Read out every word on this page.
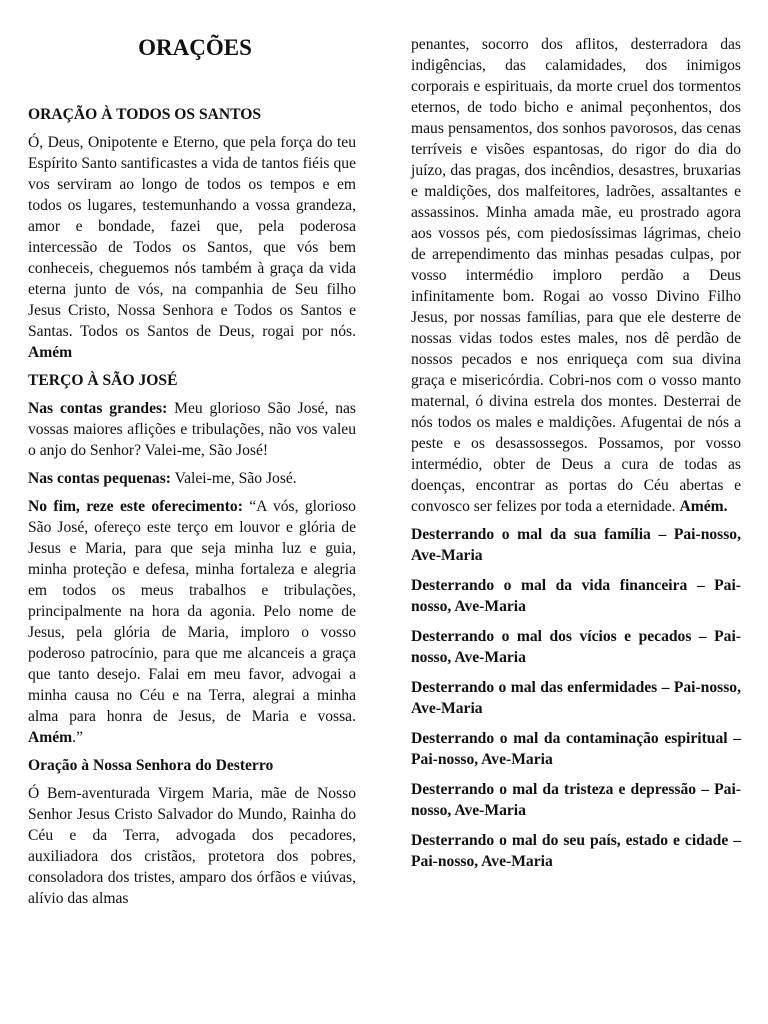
ORAÇÕES
ORAÇÃO À TODOS OS SANTOS

Ó, Deus, Onipotente e Eterno, que pela força do teu Espírito Santo santificastes a vida de tantos fiéis que vos serviram ao longo de todos os tempos e em todos os lugares, testemunhando a vossa grandeza, amor e bondade, fazei que, pela poderosa intercessão de Todos os Santos, que vós bem conheceis, cheguemos nós também à graça da vida eterna junto de vós, na companhia de Seu filho Jesus Cristo, Nossa Senhora e Todos os Santos e Santas. Todos os Santos de Deus, rogai por nós. Amém

TERÇO À SÃO JOSÉ

Nas contas grandes: Meu glorioso São José, nas vossas maiores aflições e tribulações, não vos valeu o anjo do Senhor? Valei-me, São José!

Nas contas pequenas: Valei-me, São José.

No fim, reze este oferecimento: “A vós, glorioso São José, ofereço este terço em louvor e glória de Jesus e Maria, para que seja minha luz e guia, minha proteção e defesa, minha fortaleza e alegria em todos os meus trabalhos e tribulações, principalmente na hora da agonia. Pelo nome de Jesus, pela glória de Maria, imploro o vosso poderoso patrocínio, para que me alcanceis a graça que tanto desejo. Falai em meu favor, advogai a minha causa no Céu e na Terra, alegrai a minha alma para honra de Jesus, de Maria e vossa. Amém.”

Oração à Nossa Senhora do Desterro

Ó Bem-aventurada Virgem Maria, mãe de Nosso Senhor Jesus Cristo Salvador do Mundo, Rainha do Céu e da Terra, advogada dos pecadores, auxiliadora dos cristãos, protetora dos pobres, consoladora dos tristes, amparo dos órfãos e viúvas, alívio das almas

penantes, socorro dos aflitos, desterradora das indigências, das calamidades, dos inimigos corporais e espirituais, da morte cruel dos tormentos eternos, de todo bicho e animal peçonhentos, dos maus pensamentos, dos sonhos pavorosos, das cenas terríveis e visões espantosas, do rigor do dia do juízo, das pragas, dos incêndios, desastres, bruxarias e maldições, dos malfeitores, ladrões, assaltantes e assassinos. Minha amada mãe, eu prostrado agora aos vossos pés, com piedosíssimas lágrimas, cheio de arrependimento das minhas pesadas culpas, por vosso intermédio imploro perdão a Deus infinitamente bom. Rogai ao vosso Divino Filho Jesus, por nossas famílias, para que ele desterre de nossas vidas todos estes males, nos dê perdão de nossos pecados e nos enriqueça com sua divina graça e misericórdia. Cobri-nos com o vosso manto maternal, ó divina estrela dos montes. Desterrai de nós todos os males e maldições. Afugentai de nós a peste e os desassossegos. Possamos, por vosso intermédio, obter de Deus a cura de todas as doenças, encontrar as portas do Céu abertas e convosco ser felizes por toda a eternidade. Amém.

Desterrando o mal da sua família – Pai-nosso, Ave-Maria
Desterrando o mal da vida financeira – Pai-nosso, Ave-Maria
Desterrando o mal dos vícios e pecados – Pai-nosso, Ave-Maria
Desterrando o mal das enfermidades – Pai-nosso, Ave-Maria
Desterrando o mal da contaminação espiritual – Pai-nosso, Ave-Maria
Desterrando o mal da tristeza e depressão – Pai-nosso, Ave-Maria
Desterrando o mal do seu país, estado e cidade – Pai-nosso, Ave-Maria
